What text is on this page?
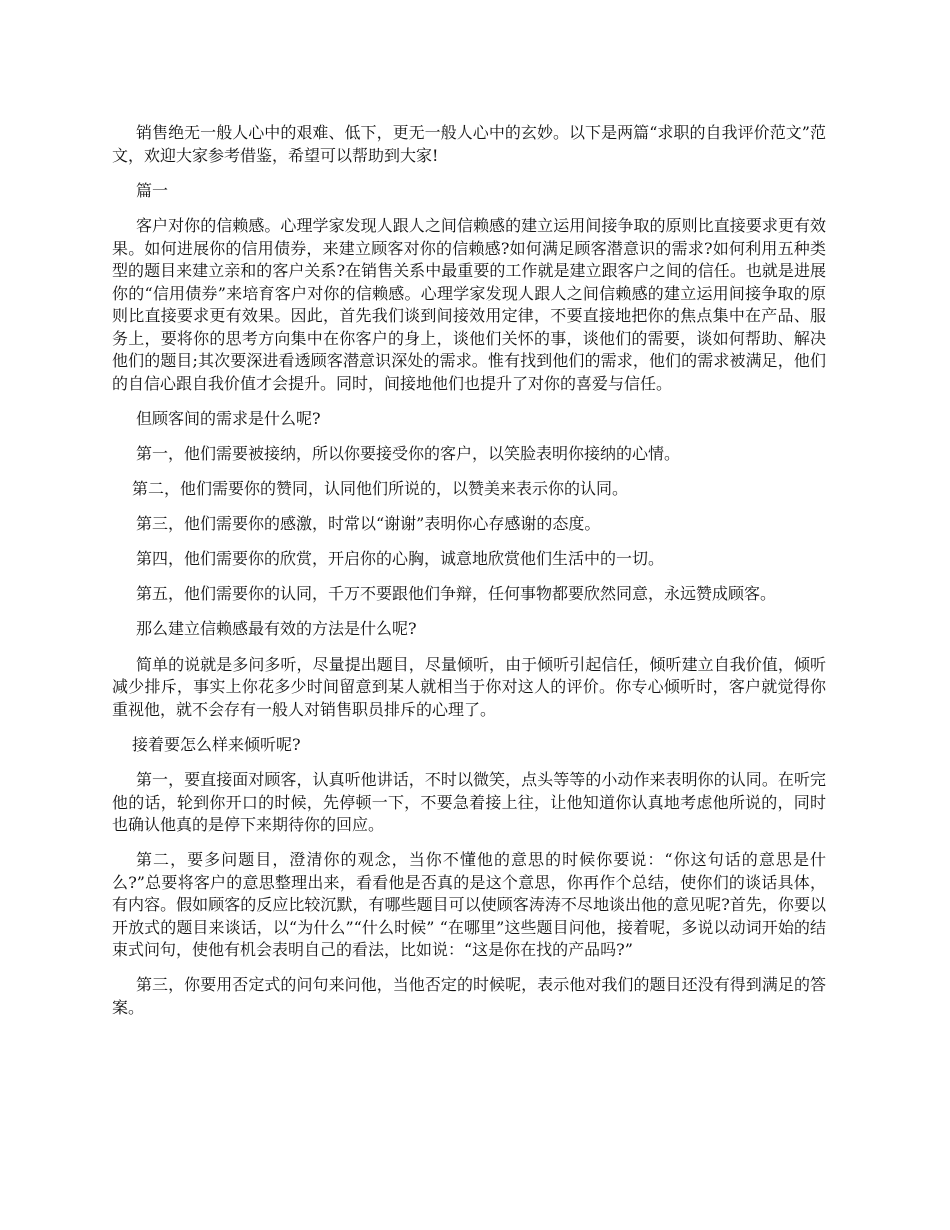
销售绝无一般人心中的艰难、低下，更无一般人心中的玄妙。以下是两篇“求职的自我评价范文”范文，欢迎大家参考借鉴，希望可以帮助到大家!

篇一

客户对你的信赖感。心理学家发现人跟人之间信赖感的建立运用间接争取的原则比直接要求更有效果。如何进展你的信用债券，来建立顾客对你的信赖感?如何满足顾客潜意识的需求?如何利用五种类型的题目来建立亲和的客户关系?在销售关系中最重要的工作就是建立跟客户之间的信任。也就是进展你的“信用债券”来培育客户对你的信赖感。心理学家发现人跟人之间信赖感的建立运用间接争取的原则比直接要求更有效果。因此，首先我们谈到间接效用定律，不要直接地把你的焦点集中在产品、服务上，要将你的思考方向集中在你客户的身上，谈他们关怀的事，谈他们的需要，谈如何帮助、解决他们的题目;其次要深进看透顾客潜意识深处的需求。惟有找到他们的需求，他们的需求被满足，他们的自信心跟自我价值才会提升。同时，间接地他们也提升了对你的喜爱与信任。

但顾客间的需求是什么呢?

第一，他们需要被接纳，所以你要接受你的客户，以笑脸表明你接纳的心情。

第二，他们需要你的赞同，认同他们所说的，以赞美来表示你的认同。

第三，他们需要你的感激，时常以“谢谢”表明你心存感谢的态度。

第四，他们需要你的欣赏，开启你的心胸，诚意地欣赏他们生活中的一切。

第五，他们需要你的认同，千万不要跟他们争辩，任何事物都要欣然同意，永远赞成顾客。

那么建立信赖感最有效的方法是什么呢?

简单的说就是多问多听，尽量提出题目，尽量倾听，由于倾听引起信任，倾听建立自我价值，倾听减少排斥，事实上你花多少时间留意到某人就相当于你对这人的评价。你专心倾听时，客户就觉得你重视他，就不会存有一般人对销售职员排斥的心理了。

接着要怎么样来倾听呢?

第一，要直接面对顾客，认真听他讲话，不时以微笑，点头等等的小动作来表明你的认同。在听完他的话，轮到你开口的时候，先停顿一下，不要急着接上往，让他知道你认真地考虑他所说的，同时也确认他真的是停下来期待你的回应。

第二，要多问题目，澄清你的观念，当你不懂他的意思的时候你要说：“你这句话的意思是什么?”总要将客户的意思整理出来，看看他是否真的是这个意思，你再作个总结，使你们的谈话具体，有内容。假如顾客的反应比较沉默，有哪些题目可以使顾客涛涛不尽地谈出他的意见呢?首先，你要以开放式的题目来谈话，以“为什么”“什么时候” “在哪里”这些题目问他，接着呢，多说以动词开始的结束式问句，使他有机会表明自己的看法，比如说：“这是你在找的产品吗?”

第三，你要用否定式的问句来问他，当他否定的时候呢，表示他对我们的题目还没有得到满足的答案。
